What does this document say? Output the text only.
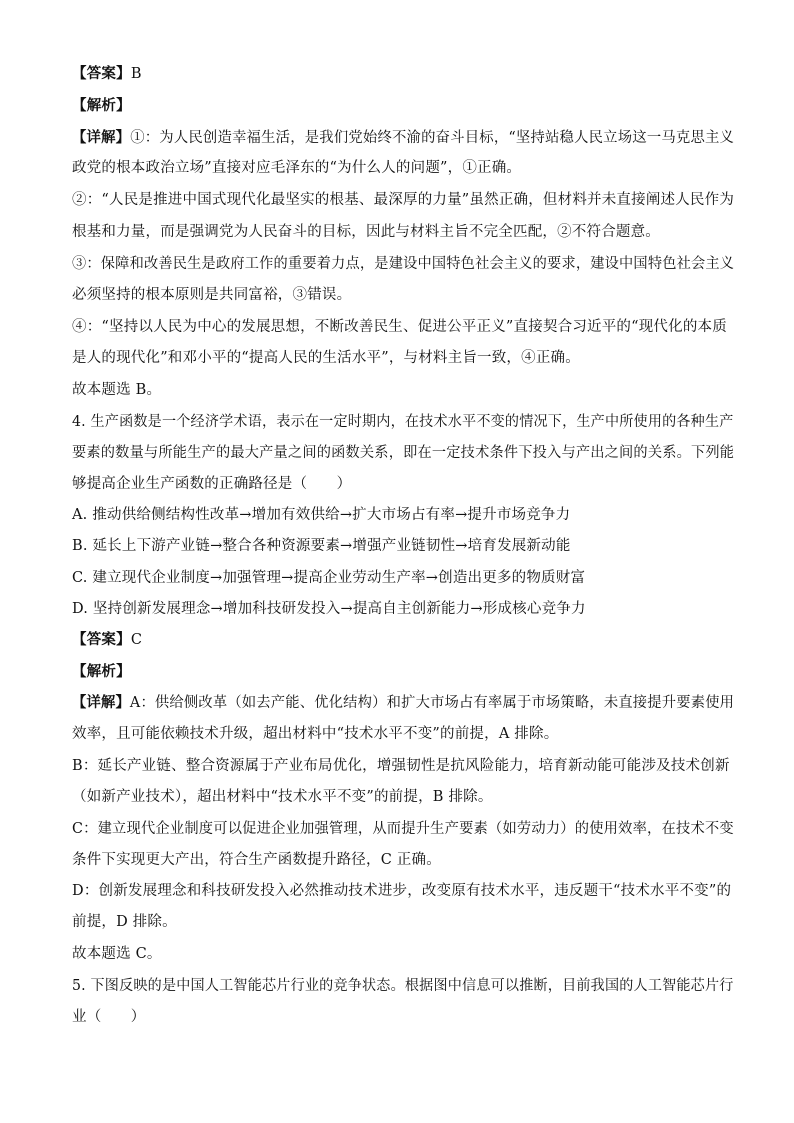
【答案】B
【解析】
【详解】①：为人民创造幸福生活，是我们党始终不渝的奋斗目标，“坚持站稳人民立场这一马克思主义
政党的根本政治立场”直接对应毛泽东的“为什么人的问题”，①正确。
②：“人民是推进中国式现代化最坚实的根基、最深厚的力量”虽然正确，但材料并未直接阐述人民作为
根基和力量，而是强调党为人民奋斗的目标，因此与材料主旨不完全匹配，②不符合题意。
③：保障和改善民生是政府工作的重要着力点，是建设中国特色社会主义的要求，建设中国特色社会主义
必须坚持的根本原则是共同富裕，③错误。
④：“坚持以人民为中心的发展思想，不断改善民生、促进公平正义”直接契合习近平的“现代化的本质
是人的现代化”和邓小平的“提高人民的生活水平”，与材料主旨一致，④正确。
故本题选 B。
4. 生产函数是一个经济学术语，表示在一定时期内，在技术水平不变的情况下，生产中所使用的各种生产
要素的数量与所能生产的最大产量之间的函数关系，即在一定技术条件下投入与产出之间的关系。下列能
够提高企业生产函数的正确路径是（　　）
A. 推动供给侧结构性改革→增加有效供给→扩大市场占有率→提升市场竞争力
B. 延长上下游产业链→整合各种资源要素→增强产业链韧性→培育发展新动能
C. 建立现代企业制度→加强管理→提高企业劳动生产率→创造出更多的物质财富
D. 坚持创新发展理念→增加科技研发投入→提高自主创新能力→形成核心竞争力
【答案】C
【解析】
【详解】A：供给侧改革（如去产能、优化结构）和扩大市场占有率属于市场策略，未直接提升要素使用
效率，且可能依赖技术升级，超出材料中“技术水平不变”的前提，A 排除。
B：延长产业链、整合资源属于产业布局优化，增强韧性是抗风险能力，培育新动能可能涉及技术创新
（如新产业技术），超出材料中“技术水平不变”的前提，B 排除。
C：建立现代企业制度可以促进企业加强管理，从而提升生产要素（如劳动力）的使用效率，在技术不变
条件下实现更大产出，符合生产函数提升路径，C 正确。
D：创新发展理念和科技研发投入必然推动技术进步，改变原有技术水平，违反题干“技术水平不变”的
前提，D 排除。
故本题选 C。
5. 下图反映的是中国人工智能芯片行业的竞争状态。根据图中信息可以推断，目前我国的人工智能芯片行
业（　　）
